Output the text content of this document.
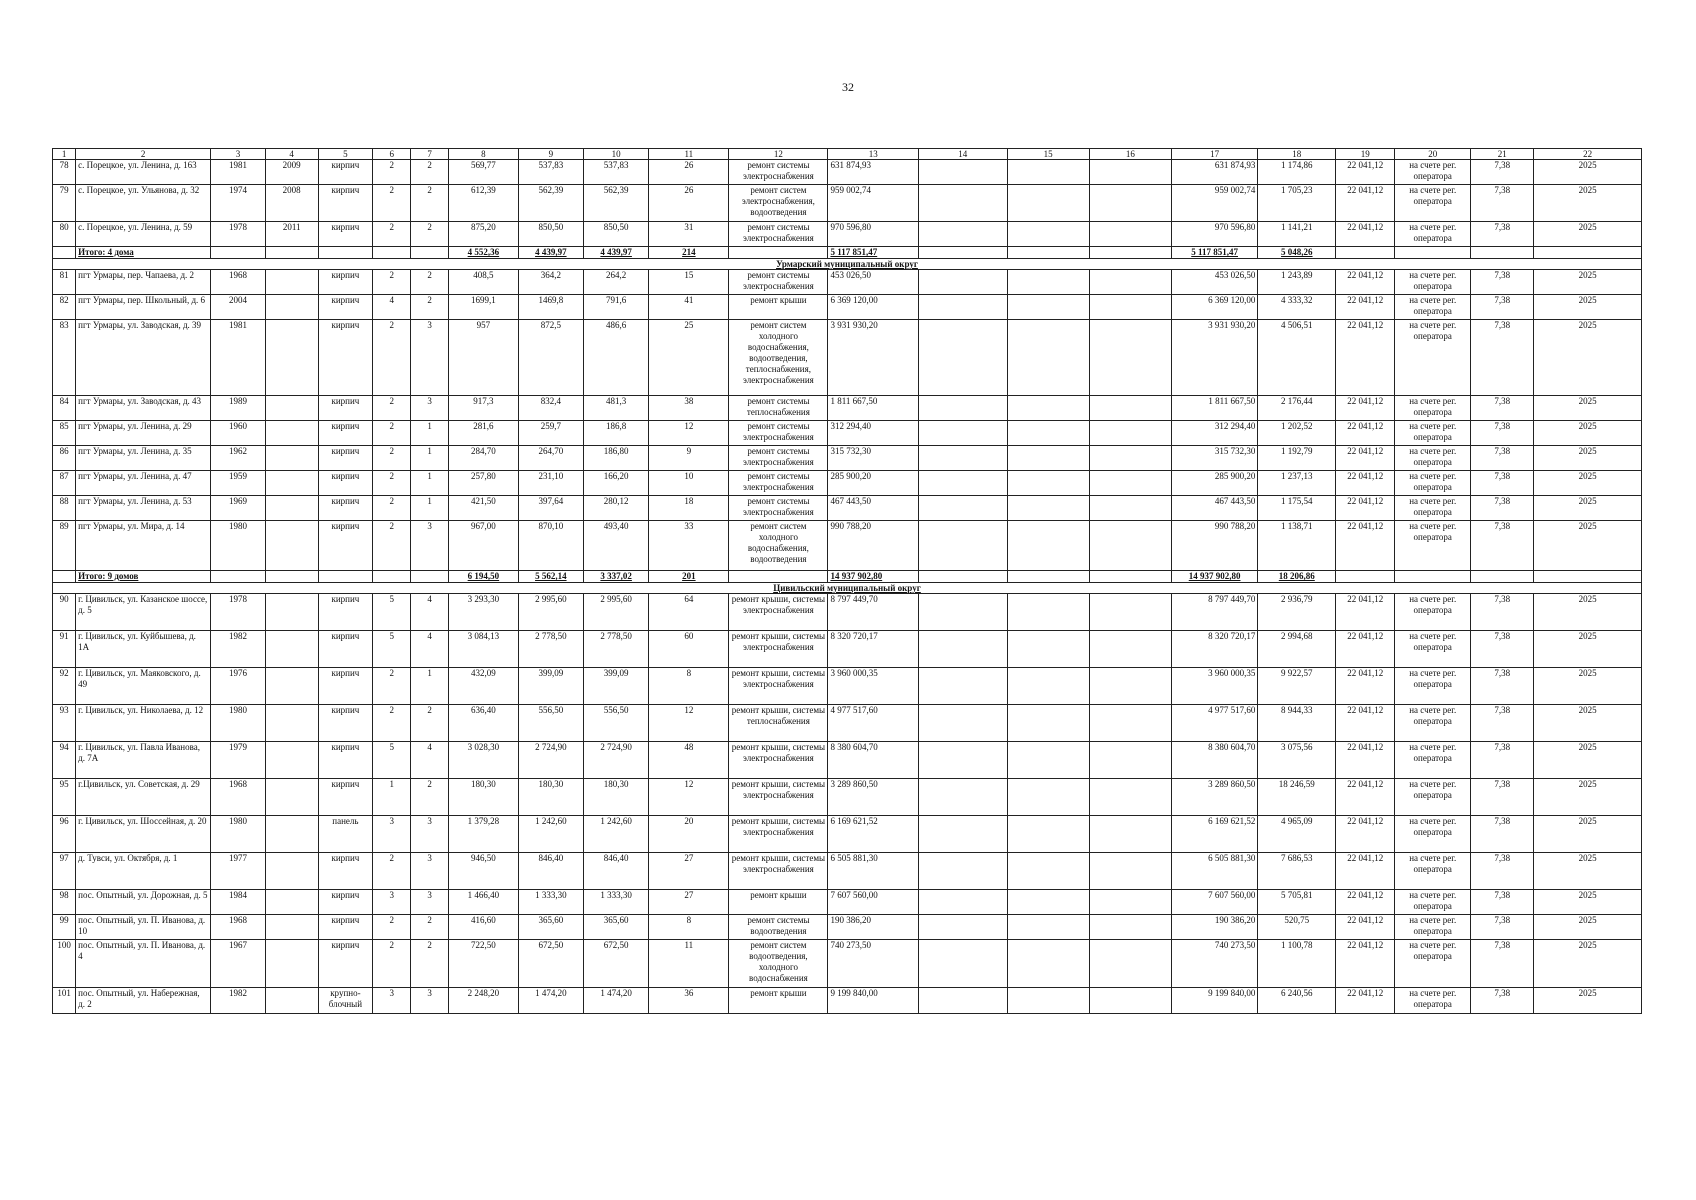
32
1	2	3	4	5	6	7	8	9	10	11	12	13	14	15	16	17	18	19	20	21	22
78	с. Порецкое, ул. Ленина, д. 163	1981	2009	кирпич	2	2	569,77	537,83	537,83	26	ремонт системы электроснабжения	631 874,93				631 874,93	1 174,86	22 041,12	на счете рег. оператора	7,38	2025
79	с. Порецкое, ул. Ульянова, д. 32	1974	2008	кирпич	2	2	612,39	562,39	562,39	26	ремонт систем электроснабжения, водоотведения	959 002,74				959 002,74	1 705,23	22 041,12	на счете рег. оператора	7,38	2025
80	с. Порецкое, ул. Ленина, д. 59	1978	2011	кирпич	2	2	875,20	850,50	850,50	31	ремонт системы электроснабжения	970 596,80				970 596,80	1 141,21	22 041,12	на счете рег. оператора	7,38	2025
	Итого: 4 дома						4 552,36	4 439,97	4 439,97	214		5 117 851,47				5 117 851,47	5 048,26				
Урмарский муниципальный округ																					
81	пгт Урмары, пер. Чапаева, д. 2	1968		кирпич	2	2	408,5	364,2	264,2	15	ремонт системы электроснабжения	453 026,50				453 026,50	1 243,89	22 041,12	на счете рег. оператора	7,38	2025
82	пгт Урмары, пер. Школьный, д. 6	2004		кирпич	4	2	1699,1	1469,8	791,6	41	ремонт крыши	6 369 120,00				6 369 120,00	4 333,32	22 041,12	на счете рег. оператора	7,38	2025
83	пгт Урмары, ул. Заводская, д. 39	1981		кирпич	2	3	957	872,5	486,6	25	ремонт систем холодного водоснабжения, водоотведения, теплоснабжения, электроснабжения	3 931 930,20				3 931 930,20	4 506,51	22 041,12	на счете рег. оператора	7,38	2025
84	пгт Урмары, ул. Заводская, д. 43	1989		кирпич	2	3	917,3	832,4	481,3	38	ремонт системы теплоснабжения	1 811 667,50				1 811 667,50	2 176,44	22 041,12	на счете рег. оператора	7,38	2025
85	пгт Урмары, ул. Ленина, д. 29	1960		кирпич	2	1	281,6	259,7	186,8	12	ремонт системы электроснабжения	312 294,40				312 294,40	1 202,52	22 041,12	на счете рег. оператора	7,38	2025
86	пгт Урмары, ул. Ленина, д. 35	1962		кирпич	2	1	284,70	264,70	186,80	9	ремонт системы электроснабжения	315 732,30				315 732,30	1 192,79	22 041,12	на счете рег. оператора	7,38	2025
87	пгт Урмары, ул. Ленина, д. 47	1959		кирпич	2	1	257,80	231,10	166,20	10	ремонт системы электроснабжения	285 900,20				285 900,20	1 237,13	22 041,12	на счете рег. оператора	7,38	2025
88	пгт Урмары, ул. Ленина, д. 53	1969		кирпич	2	1	421,50	397,64	280,12	18	ремонт системы электроснабжения	467 443,50				467 443,50	1 175,54	22 041,12	на счете рег. оператора	7,38	2025
89	пгт Урмары, ул. Мира, д. 14	1980		кирпич	2	3	967,00	870,10	493,40	33	ремонт систем холодного водоснабжения, водоотведения	990 788,20				990 788,20	1 138,71	22 041,12	на счете рег. оператора	7,38	2025
	Итого: 9 домов						6 194,50	5 562,14	3 337,02	201		14 937 902,80				14 937 902,80	18 206,86				
Цивильский муниципальный округ																					
90	г. Цивильск, ул. Казанское шоссе, д. 5	1978		кирпич	5	4	3 293,30	2 995,60	2 995,60	64	ремонт крыши, системы электроснабжения	8 797 449,70				8 797 449,70	2 936,79	22 041,12	на счете рег. оператора	7,38	2025
91	г. Цивильск, ул. Куйбышева, д. 1А	1982		кирпич	5	4	3 084,13	2 778,50	2 778,50	60	ремонт крыши, системы электроснабжения	8 320 720,17				8 320 720,17	2 994,68	22 041,12	на счете рег. оператора	7,38	2025
92	г. Цивильск, ул. Маяковского, д. 49	1976		кирпич	2	1	432,09	399,09	399,09	8	ремонт крыши, системы электроснабжения	3 960 000,35				3 960 000,35	9 922,57	22 041,12	на счете рег. оператора	7,38	2025
93	г. Цивильск, ул. Николаева, д. 12	1980		кирпич	2	2	636,40	556,50	556,50	12	ремонт крыши, системы теплоснабжения	4 977 517,60				4 977 517,60	8 944,33	22 041,12	на счете рег. оператора	7,38	2025
94	г. Цивильск, ул. Павла Иванова, д. 7А	1979		кирпич	5	4	3 028,30	2 724,90	2 724,90	48	ремонт крыши, системы электроснабжения	8 380 604,70				8 380 604,70	3 075,56	22 041,12	на счете рег. оператора	7,38	2025
95	г.Цивильск, ул. Советская, д. 29	1968		кирпич	1	2	180,30	180,30	180,30	12	ремонт крыши, системы электроснабжения	3 289 860,50				3 289 860,50	18 246,59	22 041,12	на счете рег. оператора	7,38	2025
96	г. Цивильск, ул. Шоссейная, д. 20	1980		панель	3	3	1 379,28	1 242,60	1 242,60	20	ремонт крыши, системы электроснабжения	6 169 621,52				6 169 621,52	4 965,09	22 041,12	на счете рег. оператора	7,38	2025
97	д. Тувси, ул. Октября, д. 1	1977		кирпич	2	3	946,50	846,40	846,40	27	ремонт крыши, системы электроснабжения	6 505 881,30				6 505 881,30	7 686,53	22 041,12	на счете рег. оператора	7,38	2025
98	пос. Опытный, ул. Дорожная, д. 5	1984		кирпич	3	3	1 466,40	1 333,30	1 333,30	27	ремонт крыши	7 607 560,00				7 607 560,00	5 705,81	22 041,12	на счете рег. оператора	7,38	2025
99	пос. Опытный, ул. П. Иванова, д. 10	1968		кирпич	2	2	416,60	365,60	365,60	8	ремонт системы водоотведения	190 386,20				190 386,20	520,75	22 041,12	на счете рег. оператора	7,38	2025
100	пос. Опытный, ул. П. Иванова, д. 4	1967		кирпич	2	2	722,50	672,50	672,50	11	ремонт систем водоотведения, холодного водоснабжения	740 273,50				740 273,50	1 100,78	22 041,12	на счете рег. оператора	7,38	2025
101	пос. Опытный, ул. Набережная, д. 2	1982		крупно-блочный	3	3	2 248,20	1 474,20	1 474,20	36	ремонт крыши	9 199 840,00				9 199 840,00	6 240,56	22 041,12	на счете рег. оператора	7,38	2025
